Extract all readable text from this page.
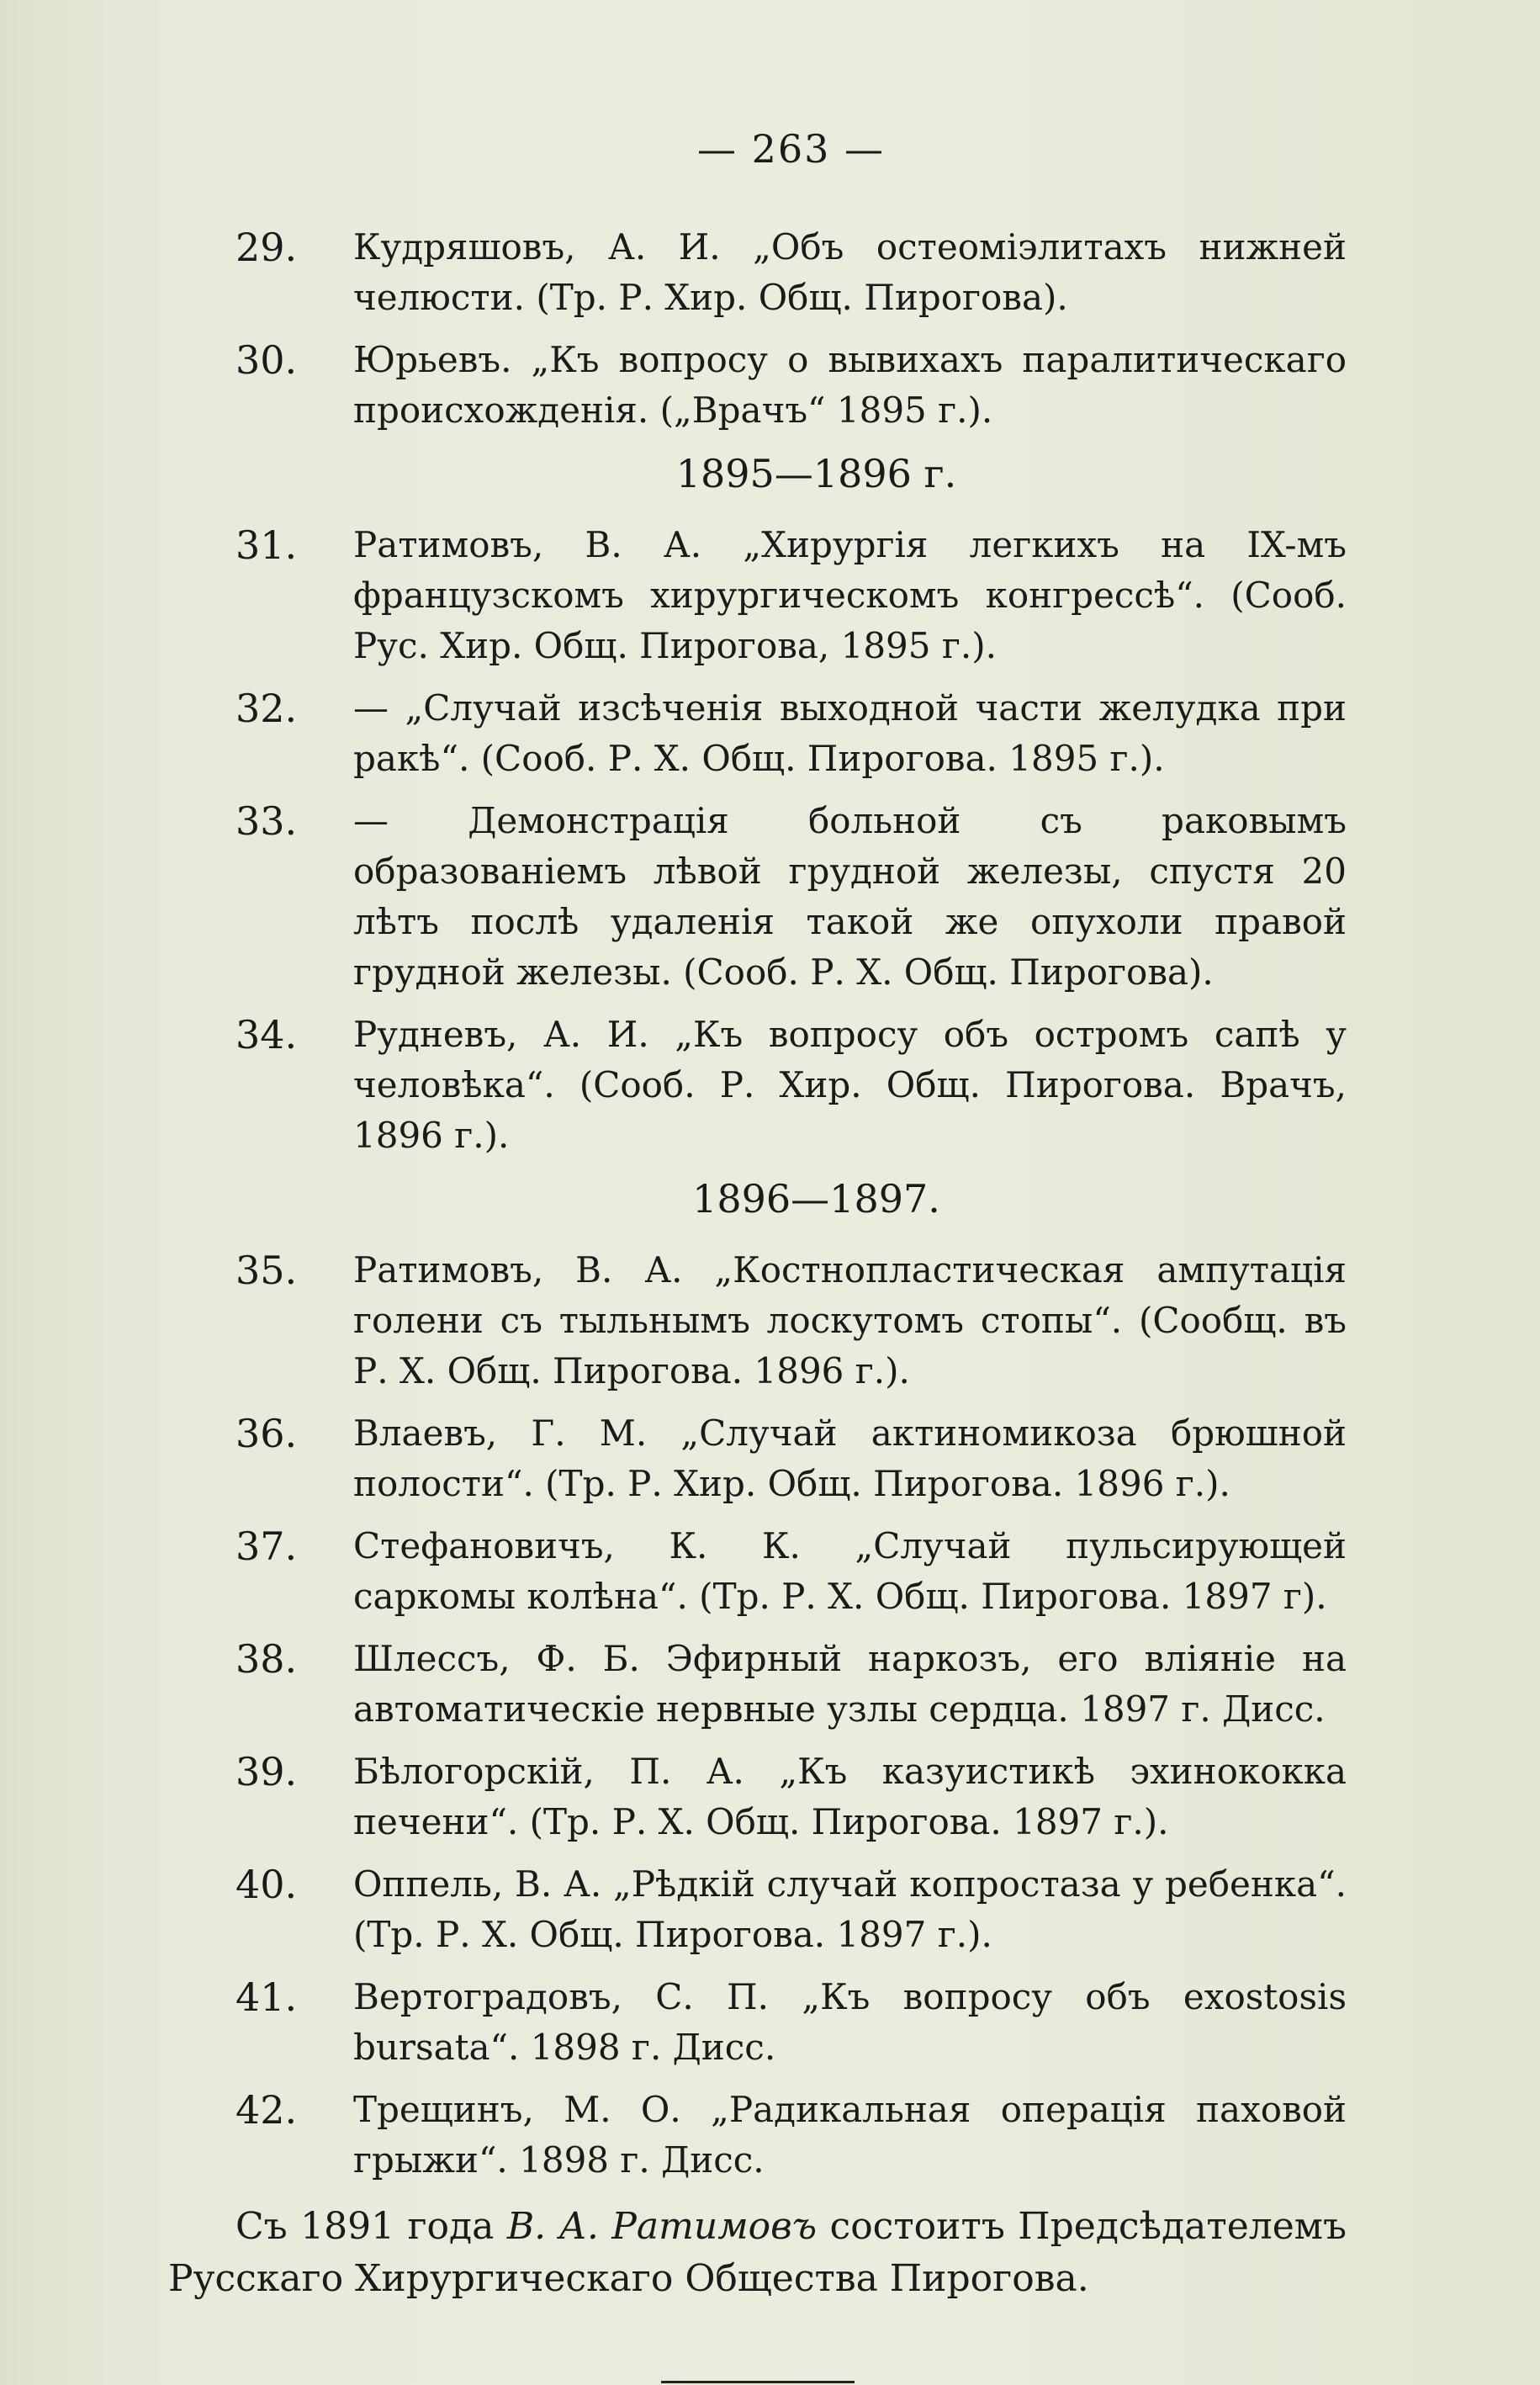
— 263 —
29. Кудряшовъ, А. И. „Объ остеоміэлитахъ нижней челюсти. (Тр. Р. Хир. Общ. Пирогова).
30. Юрьевъ. „Къ вопросу о вывихахъ паралитическаго происхожденія. („Врачъ“ 1895 г.).
1895—1896 г.
31. Ратимовъ, В. А. „Хирургія легкихъ на IX-мъ французскомъ хирургическомъ конгрессѣ“. (Сооб. Рус. Хир. Общ. Пирогова, 1895 г.).
32. — „Случай изсѣченія выходной части желудка при ракѣ“. (Сооб. Р. Х. Общ. Пирогова. 1895 г.).
33. — Демонстрація больной съ раковымъ образованіемъ лѣвой грудной железы, спустя 20 лѣтъ послѣ удаленія такой же опухоли правой грудной железы. (Сооб. Р. Х. Общ. Пирогова).
34. Рудневъ, А. И. „Къ вопросу объ остромъ сапѣ у человѣка“. (Сооб. Р. Хир. Общ. Пирогова. Врачъ, 1896 г.).
1896—1897.
35. Ратимовъ, В. А. „Костнопластическая ампутація голени съ тыльнымъ лоскутомъ стопы“. (Сообщ. въ Р. Х. Общ. Пирогова. 1896 г.).
36. Влаевъ, Г. М. „Случай актиномикоза брюшной полости“. (Тр. Р. Хир. Общ. Пирогова. 1896 г.).
37. Стефановичъ, К. К. „Случай пульсирующей саркомы колѣна“. (Тр. Р. Х. Общ. Пирогова. 1897 г).
38. Шлессъ, Ф. Б. Эфирный наркозъ, его вліяніе на автоматическіе нервные узлы сердца. 1897 г. Дисс.
39. Бѣлогорскій, П. А. „Къ казуистикѣ эхинококка печени“. (Тр. Р. Х. Общ. Пирогова. 1897 г.).
40. Оппель, В. А. „Рѣдкій случай копростаза у ребенка“. (Тр. Р. Х. Общ. Пирогова. 1897 г.).
41. Вертоградовъ, С. П. „Къ вопросу объ exostosis bursata“. 1898 г. Дисс.
42. Трещинъ, М. О. „Радикальная операція паховой грыжи“. 1898 г. Дисс.

Съ 1891 года В. А. Ратимовъ состоитъ Предсѣдателемъ Русскаго Хирургическаго Общества Пирогова.
